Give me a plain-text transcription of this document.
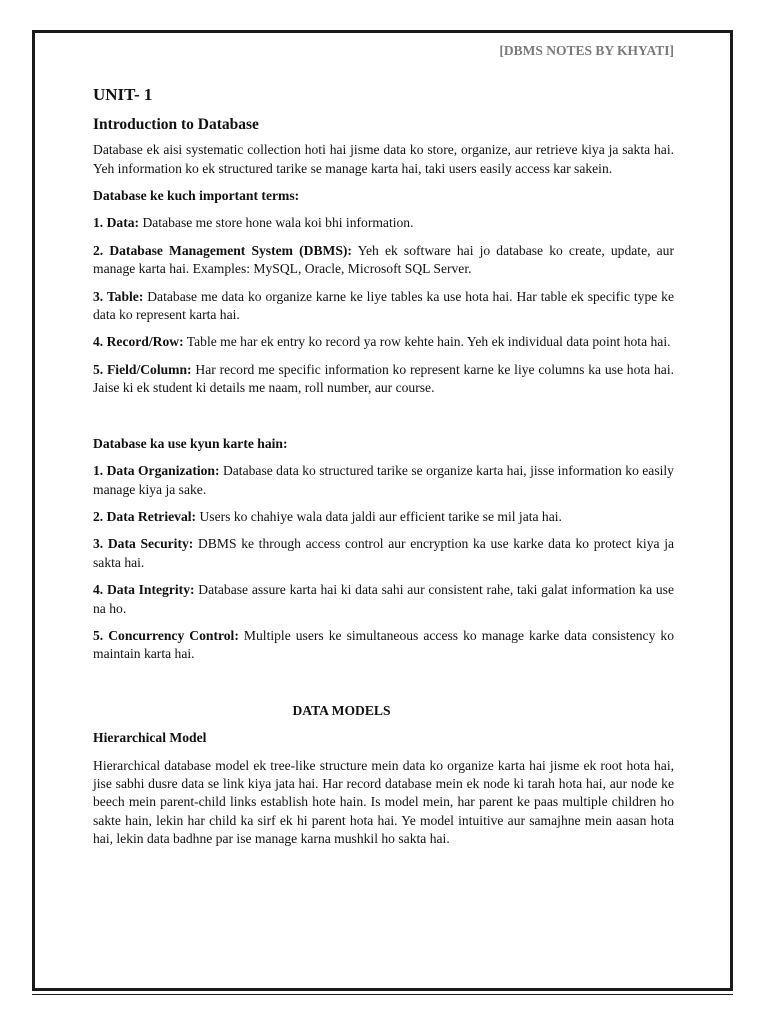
[DBMS NOTES BY KHYATI]

UNIT- 1

Introduction to Database

Database ek aisi systematic collection hoti hai jisme data ko store, organize, aur retrieve kiya ja sakta hai. Yeh information ko ek structured tarike se manage karta hai, taki users easily access kar sakein.

Database ke kuch important terms:

1. Data: Database me store hone wala koi bhi information.

2. Database Management System (DBMS): Yeh ek software hai jo database ko create, update, aur manage karta hai. Examples: MySQL, Oracle, Microsoft SQL Server.

3. Table: Database me data ko organize karne ke liye tables ka use hota hai. Har table ek specific type ke data ko represent karta hai.

4. Record/Row: Table me har ek entry ko record ya row kehte hain. Yeh ek individual data point hota hai.

5. Field/Column: Har record me specific information ko represent karne ke liye columns ka use hota hai. Jaise ki ek student ki details me naam, roll number, aur course.

Database ka use kyun karte hain:

1. Data Organization: Database data ko structured tarike se organize karta hai, jisse information ko easily manage kiya ja sake.

2. Data Retrieval: Users ko chahiye wala data jaldi aur efficient tarike se mil jata hai.

3. Data Security: DBMS ke through access control aur encryption ka use karke data ko protect kiya ja sakta hai.

4. Data Integrity: Database assure karta hai ki data sahi aur consistent rahe, taki galat information ka use na ho.

5. Concurrency Control: Multiple users ke simultaneous access ko manage karke data consistency ko maintain karta hai.

DATA MODELS

Hierarchical Model

Hierarchical database model ek tree-like structure mein data ko organize karta hai jisme ek root hota hai, jise sabhi dusre data se link kiya jata hai. Har record database mein ek node ki tarah hota hai, aur node ke beech mein parent-child links establish hote hain. Is model mein, har parent ke paas multiple children ho sakte hain, lekin har child ka sirf ek hi parent hota hai. Ye model intuitive aur samajhne mein aasan hota hai, lekin data badhne par ise manage karna mushkil ho sakta hai.
